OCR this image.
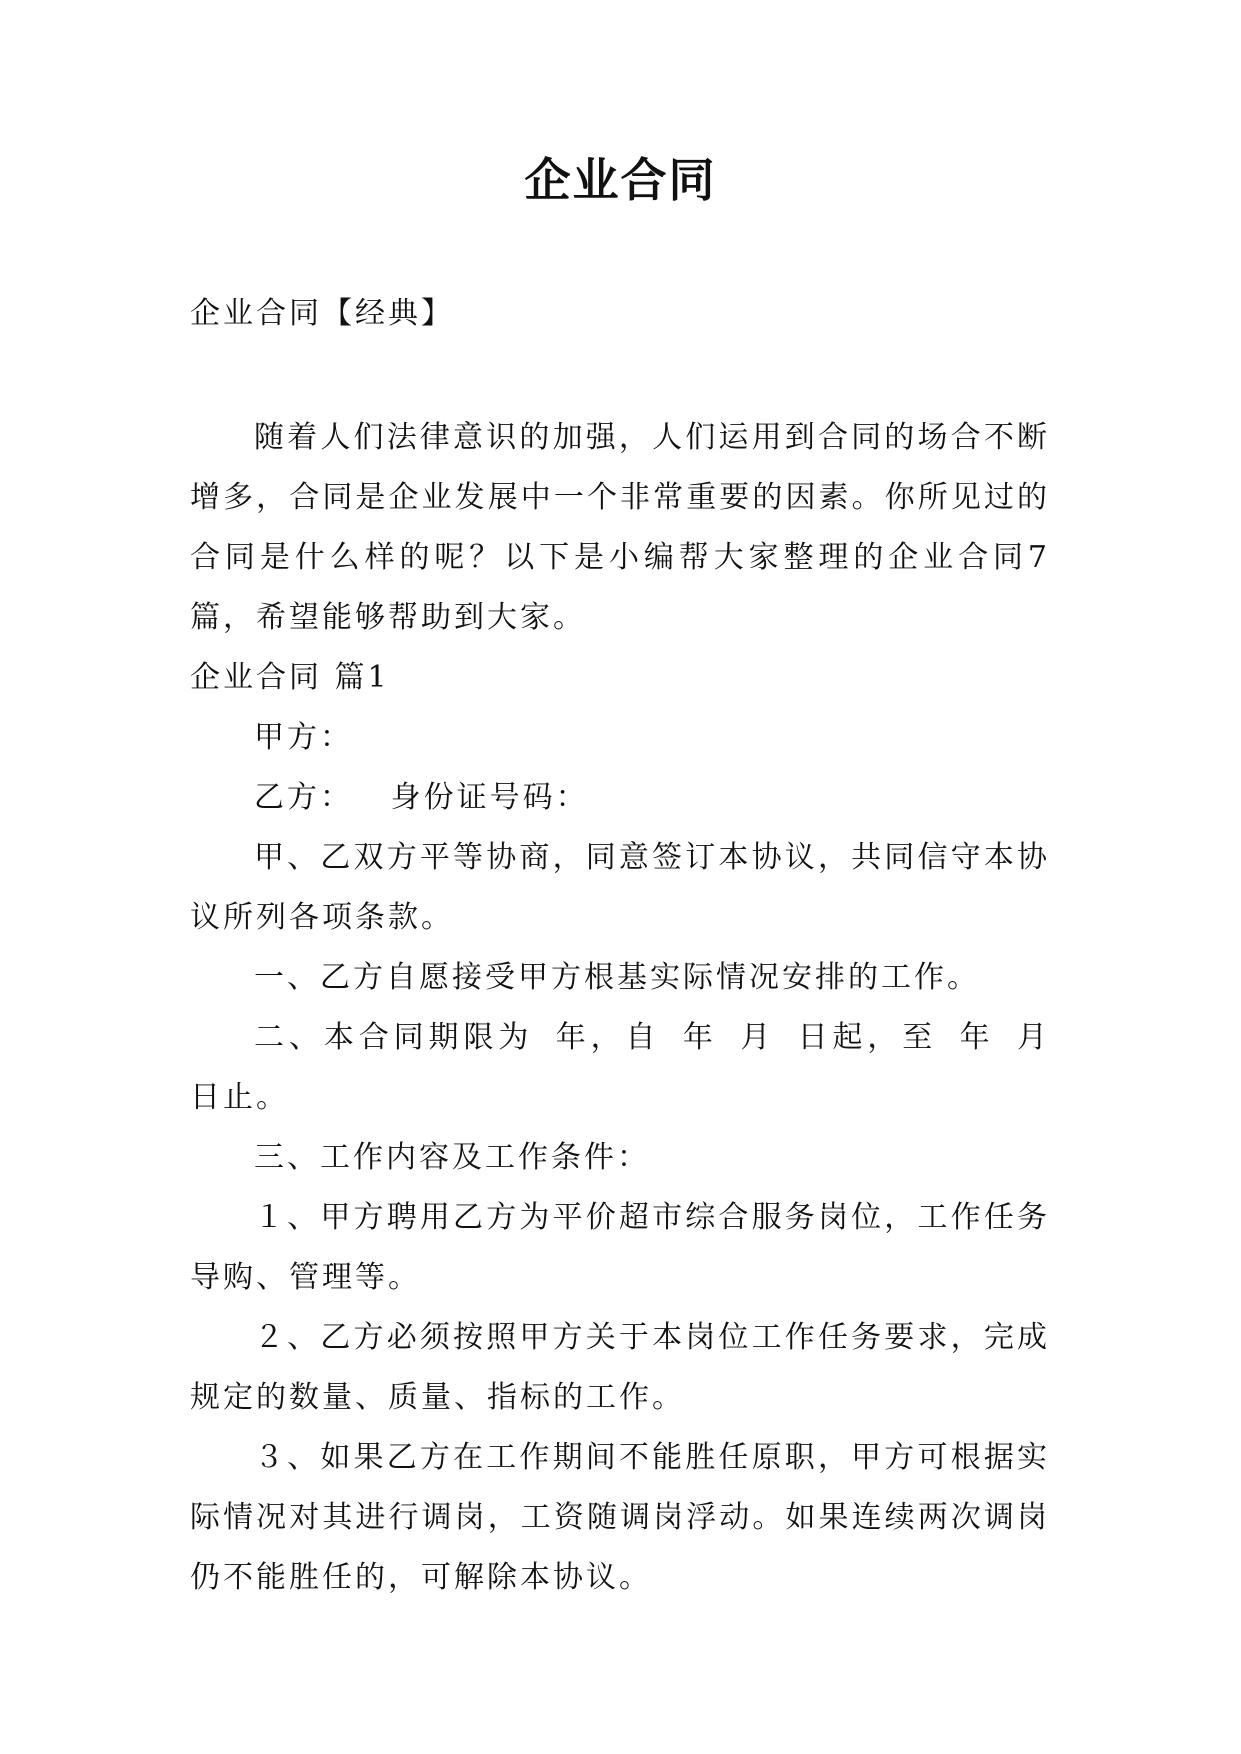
企业合同
企业合同【经典】

随着人们法律意识的加强，人们运用到合同的场合不断增多，合同是企业发展中一个非常重要的因素。你所见过的合同是什么样的呢？以下是小编帮大家整理的企业合同7篇，希望能够帮助到大家。

企业合同 篇1

甲方：

乙方：   身份证号码：

甲、乙双方平等协商，同意签订本协议，共同信守本协议所列各项条款。

一、乙方自愿接受甲方根基实际情况安排的工作。

二、本合同期限为 年，自 年 月 日起，至 年 月 日止。

三、工作内容及工作条件：

１、甲方聘用乙方为平价超市综合服务岗位，工作任务导购、管理等。

２、乙方必须按照甲方关于本岗位工作任务要求，完成规定的数量、质量、指标的工作。

３、如果乙方在工作期间不能胜任原职，甲方可根据实际情况对其进行调岗，工资随调岗浮动。如果连续两次调岗仍不能胜任的，可解除本协议。
